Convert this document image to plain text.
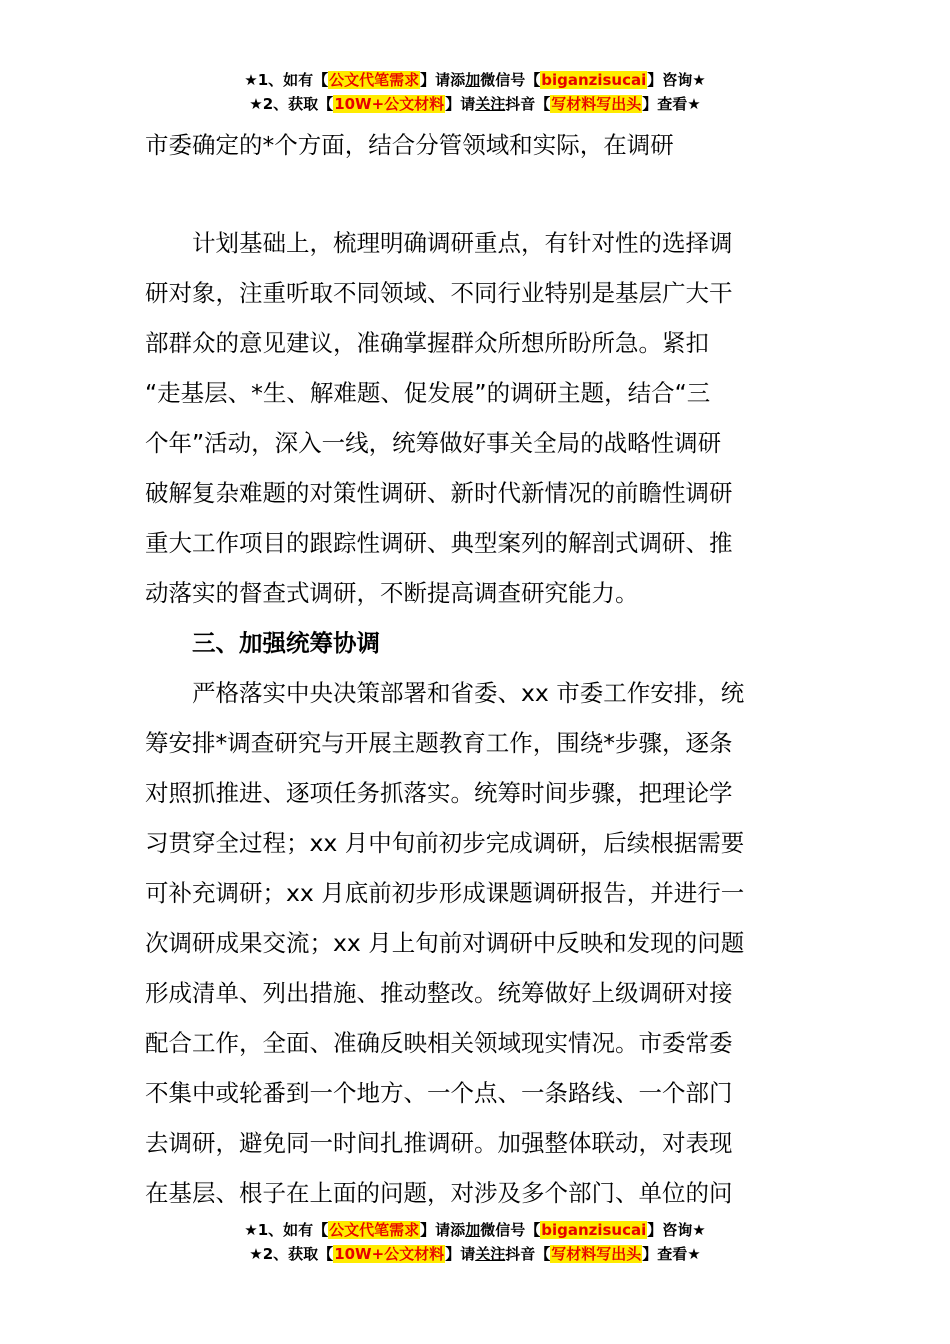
★1、如有【公文代笔需求】请添加微信号【biganzisucai】咨询★
★2、获取【10W+公文材料】请关注抖音【写材料写出头】查看★
市委确定的*个方面，结合分管领域和实际，在调研
计划基础上，梳理明确调研重点，有针对性的选择调
研对象，注重听取不同领域、不同行业特别是基层广大干
部群众的意见建议，准确掌握群众所想所盼所急。紧扣
“走基层、*生、解难题、促发展”的调研主题，结合“三
个年”活动，深入一线，统筹做好事关全局的战略性调研
破解复杂难题的对策性调研、新时代新情况的前瞻性调研
重大工作项目的跟踪性调研、典型案列的解剖式调研、推
动落实的督查式调研，不断提高调查研究能力。
三、加强统筹协调
严格落实中央决策部署和省委、xx 市委工作安排，统
筹安排*调查研究与开展主题教育工作，围绕*步骤，逐条
对照抓推进、逐项任务抓落实。统筹时间步骤，把理论学
习贯穿全过程；xx 月中旬前初步完成调研，后续根据需要
可补充调研；xx 月底前初步形成课题调研报告，并进行一
次调研成果交流；xx 月上旬前对调研中反映和发现的问题
形成清单、列出措施、推动整改。统筹做好上级调研对接
配合工作，全面、准确反映相关领域现实情况。市委常委
不集中或轮番到一个地方、一个点、一条路线、一个部门
去调研，避免同一时间扎推调研。加强整体联动，对表现
在基层、根子在上面的问题，对涉及多个部门、单位的问
★1、如有【公文代笔需求】请添加微信号【biganzisucai】咨询★
★2、获取【10W+公文材料】请关注抖音【写材料写出头】查看★
